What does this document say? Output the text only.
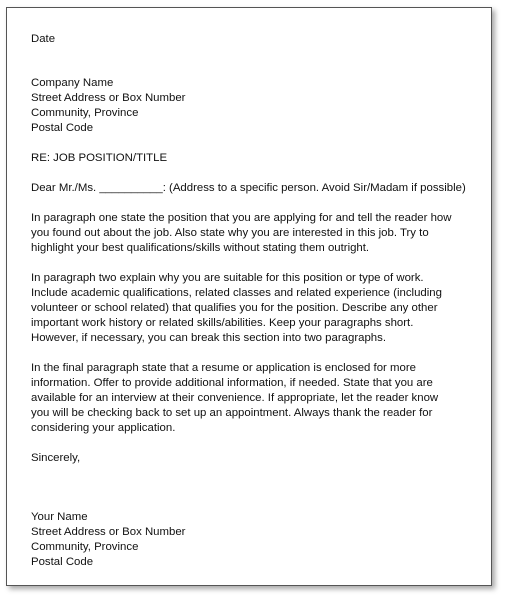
Date
Company Name
Street Address or Box Number
Community, Province
Postal Code
RE: JOB POSITION/TITLE
Dear Mr./Ms. __________: (Address to a specific person. Avoid Sir/Madam if possible)
In paragraph one state the position that you are applying for and tell the reader how
you found out about the job. Also state why you are interested in this job. Try to
highlight your best qualifications/skills without stating them outright.
In paragraph two explain why you are suitable for this position or type of work.
Include academic qualifications, related classes and related experience (including
volunteer or school related) that qualifies you for the position. Describe any other
important work history or related skills/abilities. Keep your paragraphs short.
However, if necessary, you can break this section into two paragraphs.
In the final paragraph state that a resume or application is enclosed for more
information. Offer to provide additional information, if needed. State that you are
available for an interview at their convenience. If appropriate, let the reader know
you will be checking back to set up an appointment. Always thank the reader for
considering your application.
Sincerely,
Your Name
Street Address or Box Number
Community, Province
Postal Code
